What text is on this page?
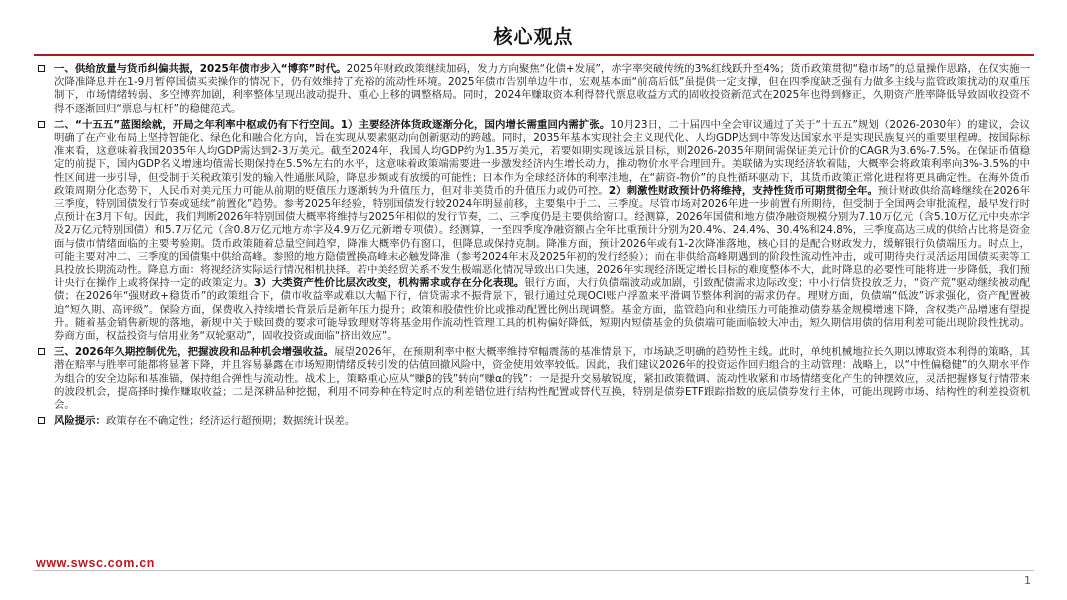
核心观点

一、供给放量与货币纠偏共振，2025年债市步入“博弈”时代。2025年财政政策继续加码，发力方向聚焦“化债+发展”，赤字率突破传统的3%红线跃升至4%；货币政策贯彻“稳市场”的总量操作思路，在仅实施一次降准降息并在1-9月暂停国债买卖操作的情况下，仍有效维持了充裕的流动性环境。2025年债市告别单边牛市，宏观基本面“前高后低”虽提供一定支撑，但在四季度缺乏强有力做多主线与监管政策扰动的双重压制下，市场情绪转弱、多空博弈加剧，利率整体呈现出波动提升、重心上移的调整格局。同时，2024年赚取资本利得替代票息收益方式的固收投资新范式在2025年也得到修正，久期资产胜率降低导致固收投资不得不逐渐回归“票息与杠杆”的稳健范式。

二、“十五五”蓝图绘就，开局之年利率中枢或仍有下行空间。1）主要经济体货政逐渐分化，国内增长需重回内需扩张。10月23日，二十届四中全会审议通过了关于“十五五”规划（2026-2030年）的建议，会议明确了在产业布局上坚持智能化、绿色化和融合化方向，旨在实现从要素驱动向创新驱动的跨越。同时，2035年基本实现社会主义现代化、人均GDP达到中等发达国家水平是实现民族复兴的重要里程碑。按国际标准来看，这意味着我国2035年人均GDP需达到2-3万美元。截至2024年，我国人均GDP约为1.35万美元，若要如期实现该远景目标，则2026-2035年期间需保证美元计价的CAGR为3.6%-7.5%。在保证币值稳定的前提下，国内GDP名义增速均值需长期保持在5.5%左右的水平，这意味着政策端需要进一步激发经济内生增长动力，推动物价水平合理回升。美联储为实现经济软着陆，大概率会将政策利率向3%-3.5%的中性区间进一步引导，但受制于关税政策引发的输入性通胀风险，降息步频或有放缓的可能性；日本作为全球经济体的利率洼地，在“薪资-物价”的良性循环驱动下，其货币政策正常化进程将更具确定性。在海外货币政策周期分化态势下，人民币对美元压力可能从前期的贬值压力逐渐转为升值压力，但对非美货币的升值压力或仍可控。2）刺激性财政预计仍将维持，支持性货币可期贯彻全年。预计财政供给高峰继续在2026年三季度，特别国债发行节奏或延续“前置化”趋势。参考2025年经验，特别国债发行较2024年明显前移，主要集中于二、三季度。尽管市场对2026年进一步前置有所期待，但受制于全国两会审批流程，最早发行时点预计在3月下旬。因此，我们判断2026年特别国债大概率将维持与2025年相似的发行节奏，二、三季度仍是主要供给窗口。经测算，2026年国债和地方债净融资规模分别为7.10万亿元（含5.10万亿元中央赤字及2万亿元特别国债）和5.7万亿元（含0.8万亿元地方赤字及4.9万亿元新增专项债）。经测算，一至四季度净融资额占全年比重预计分别为20.4%、24.4%、30.4%和24.8%，三季度高达三成的供给占比将是资金面与债市情绪面临的主要考验期。货币政策随着总量空间趋窄，降准大概率仍有窗口，但降息或保持克制。降准方面，预计2026年或有1-2次降准落地，核心目的是配合财政发力，缓解银行负债端压力。时点上，可能主要对冲二、三季度的国债集中供给高峰。参照的地方隐债置换高峰末必触发降准（参考2024年末及2025年初的发行经验）；而在非供给高峰期遇到的阶段性流动性冲击，或可期待央行灵活运用国债买卖等工具投放长期流动性。降息方面：将视经济实际运行情况相机抉择。若中美经贸关系不发生极端恶化情况导致出口失速，2026年实现经济既定增长目标的难度整体不大，此时降息的必要性可能将进一步降低，我们预计央行在操作上或将保持一定的政策定力。3）大类资产性价比层次改变，机构需求或存在分化表现。银行方面，大行负债端波动或加剧，引致配债需求边际改变；中小行信贷投放乏力，“资产荒”驱动继续被动配债；在2026年“强财政+稳货币”的政策组合下，债市收益率或难以大幅下行，信贷需求不振背景下，银行通过兑现OCI账户浮盈来平滑调节整体利润的需求仍存。理财方面，负债端“低波”诉求强化，资产配置被迫“短久期、高评级”。保险方面，保费收入持续增长背景后是新年压力提升；政策和股债性价比或推动配置比例出现调整。基金方面，监管趋向和业绩压力可能推动债券基金规模增速下降，含权类产品增速有望提升。随着基金销售新规的落地，新规中关于赎回费的要求可能导致理财等将基金用作流动性管理工具的机构偏好降低，短期内短债基金的负债端可能面临较大冲击，短久期信用债的信用利差可能出现阶段性扰动。券商方面，权益投资与信用业务“双轮驱动”，固收投资或面临“挤出效应”。

三、2026年久期控制优先，把握波段和品种机会增强收益。展望2026年，在预期利率中枢大概率维持窄幅震荡的基准情景下，市场缺乏明确的趋势性主线。此时，单纯机械地拉长久期以博取资本利得的策略，其潜在赔率与胜率可能都将显著下降，并且容易暴露在市场短期情绪反转引发的估值回撤风险中，资金使用效率较低。因此，我们建议2026年的投资运作回归组合的主动管理：战略上，以“中性偏稳健”的久期水平作为组合的安全边际和基准锚，保持组合弹性与流动性。战术上，策略重心应从“赚β的钱”转向“赚α的钱”：一是提升交易敏锐度，紧扣政策微调、流动性收紧和市场情绪变化产生的钟摆效应，灵活把握修复行情带来的波段机会，提高择时操作赚取收益；二是深耕品种挖掘，利用不同券种在特定时点的利差错位进行结构性配置或替代互换，特别是债券ETF跟踪指数的底层债券发行主体，可能出现跨市场、结构性的利差投资机会。

风险提示：政策存在不确定性；经济运行超预期；数据统计误差。

www.swsc.com.cn
1
